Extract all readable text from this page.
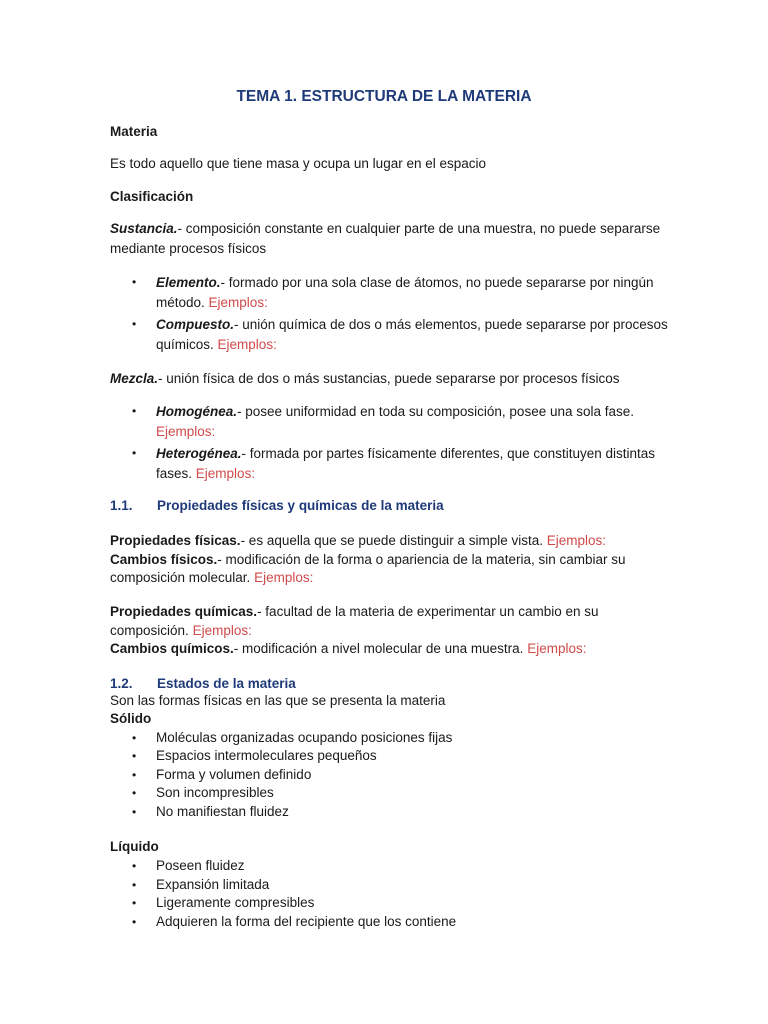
TEMA 1. ESTRUCTURA DE LA MATERIA
Materia
Es todo aquello que tiene masa y ocupa un lugar en el espacio
Clasificación
Sustancia.- composición constante en cualquier parte de una muestra, no puede separarse mediante procesos físicos
• Elemento.- formado por una sola clase de átomos, no puede separarse por ningún método. Ejemplos:
• Compuesto.- unión química de dos o más elementos, puede separarse por procesos químicos. Ejemplos:
Mezcla.- unión física de dos o más sustancias, puede separarse por procesos físicos
• Homogénea.- posee uniformidad en toda su composición, posee una sola fase. Ejemplos:
• Heterogénea.- formada por partes físicamente diferentes, que constituyen distintas fases. Ejemplos:
1.1. Propiedades físicas y químicas de la materia
Propiedades físicas.- es aquella que se puede distinguir a simple vista. Ejemplos:
Cambios físicos.- modificación de la forma o apariencia de la materia, sin cambiar su composición molecular. Ejemplos:
Propiedades químicas.- facultad de la materia de experimentar un cambio en su composición. Ejemplos:
Cambios químicos.- modificación a nivel molecular de una muestra. Ejemplos:
1.2. Estados de la materia
Son las formas físicas en las que se presenta la materia
Sólido
• Moléculas organizadas ocupando posiciones fijas
• Espacios intermoleculares pequeños
• Forma y volumen definido
• Son incompresibles
• No manifiestan fluidez
Líquido
• Poseen fluidez
• Expansión limitada
• Ligeramente compresibles
• Adquieren la forma del recipiente que los contiene
